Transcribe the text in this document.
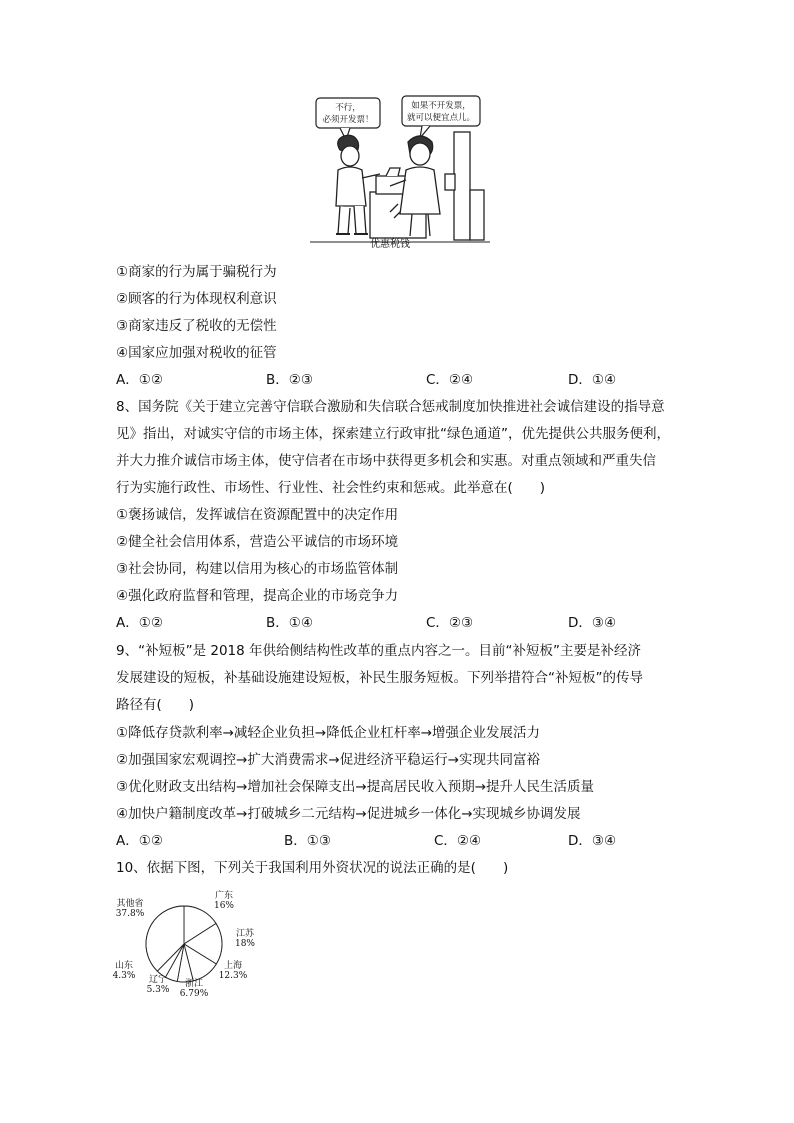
不行，
必须开发票！
如果不开发票，
就可以便宜点儿。
优惠税钱
①商家的行为属于骗税行为
②顾客的行为体现权利意识
③商家违反了税收的无偿性
④国家应加强对税收的征管
A．①②	B．②③	C．②④	D．①④
8、国务院《关于建立完善守信联合激励和失信联合惩戒制度加快推进社会诚信建设的指导意
见》指出，对诚实守信的市场主体，探索建立行政审批“绿色通道”，优先提供公共服务便利，
并大力推介诚信市场主体，使守信者在市场中获得更多机会和实惠。对重点领域和严重失信
行为实施行政性、市场性、行业性、社会性约束和惩戒。此举意在(　　)
①褒扬诚信，发挥诚信在资源配置中的决定作用
②健全社会信用体系，营造公平诚信的市场环境
③社会协同，构建以信用为核心的市场监管体制
④强化政府监督和管理，提高企业的市场竞争力
A．①②	B．①④	C．②③	D．③④
9、“补短板”是 2018 年供给侧结构性改革的重点内容之一。目前“补短板”主要是补经济
发展建设的短板，补基础设施建设短板，补民生服务短板。下列举措符合“补短板”的传导
路径有(　　)
①降低存贷款利率→减轻企业负担→降低企业杠杆率→增强企业发展活力
②加强国家宏观调控→扩大消费需求→促进经济平稳运行→实现共同富裕
③优化财政支出结构→增加社会保障支出→提高居民收入预期→提升人民生活质量
④加快户籍制度改革→打破城乡二元结构→促进城乡一体化→实现城乡协调发展
A．①②	B．①③	C．②④	D．③④
10、依据下图，下列关于我国利用外资状况的说法正确的是(　　)
广东
16%
江苏
18%
上海
12.3%
浙江
6.79%
辽宁
5.3%
山东
4.3%
其他省
37.8%
